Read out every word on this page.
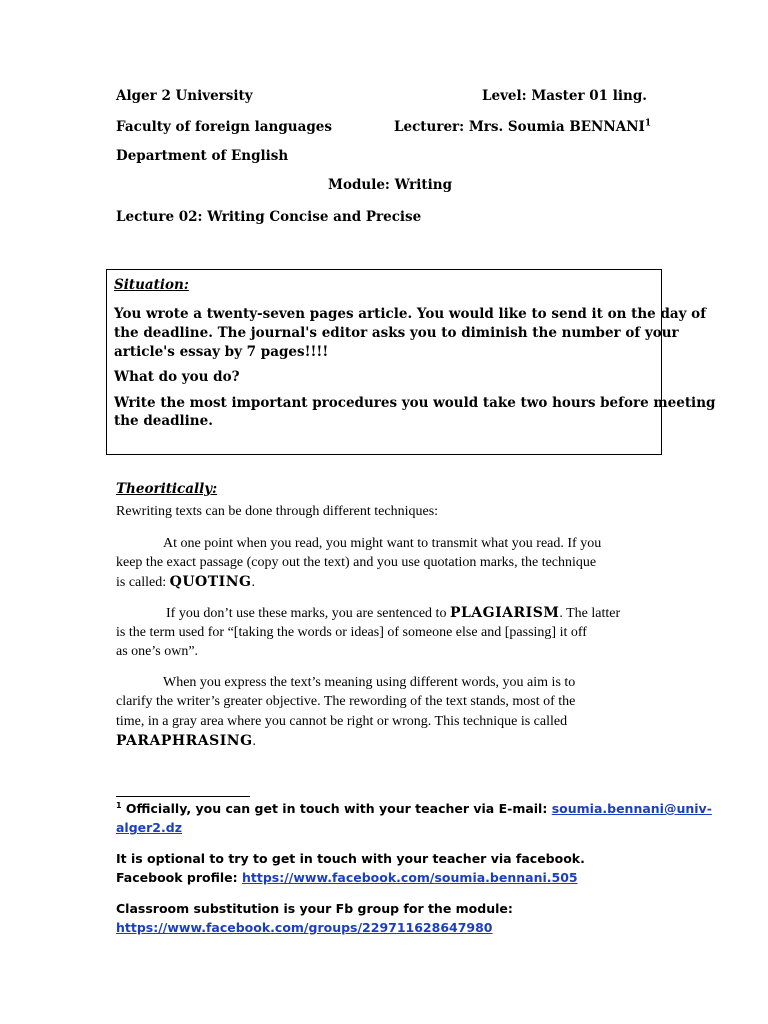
Alger 2 University	Level: Master 01 ling.
Faculty of foreign languages	Lecturer: Mrs. Soumia BENNANI$^1$
Department of English
Module: Writing
Lecture 02: Writing Concise and Precise
Situation:
You wrote a twenty-seven pages article. You would like to send it on the day of
the deadline. The journal's editor asks you to diminish the number of your
article's essay by 7 pages!!!!
What do you do?
Write the most important procedures you would take two hours before meeting
the deadline.
Theoritically:
Rewriting texts can be done through different techniques:
At one point when you read, you might want to transmit what you read. If you
keep the exact passage (copy out the text) and you use quotation marks, the technique
is called: QUOTING.
If you don’t use these marks, you are sentenced to PLAGIARISM. The latter
is the term used for “[taking the words or ideas] of someone else and [passing] it off
as one’s own”.
When you express the text’s meaning using different words, you aim is to
clarify the writer’s greater objective. The rewording of the text stands, most of the
time, in a gray area where you cannot be right or wrong. This technique is called
PARAPHRASING.
$^1$ Officially, you can get in touch with your teacher via E-mail: soumia.bennani@univ-
alger2.dz
It is optional to try to get in touch with your teacher via facebook.
Facebook profile: https://www.facebook.com/soumia.bennani.505
Classroom substitution is your Fb group for the module:
https://www.facebook.com/groups/229711628647980
